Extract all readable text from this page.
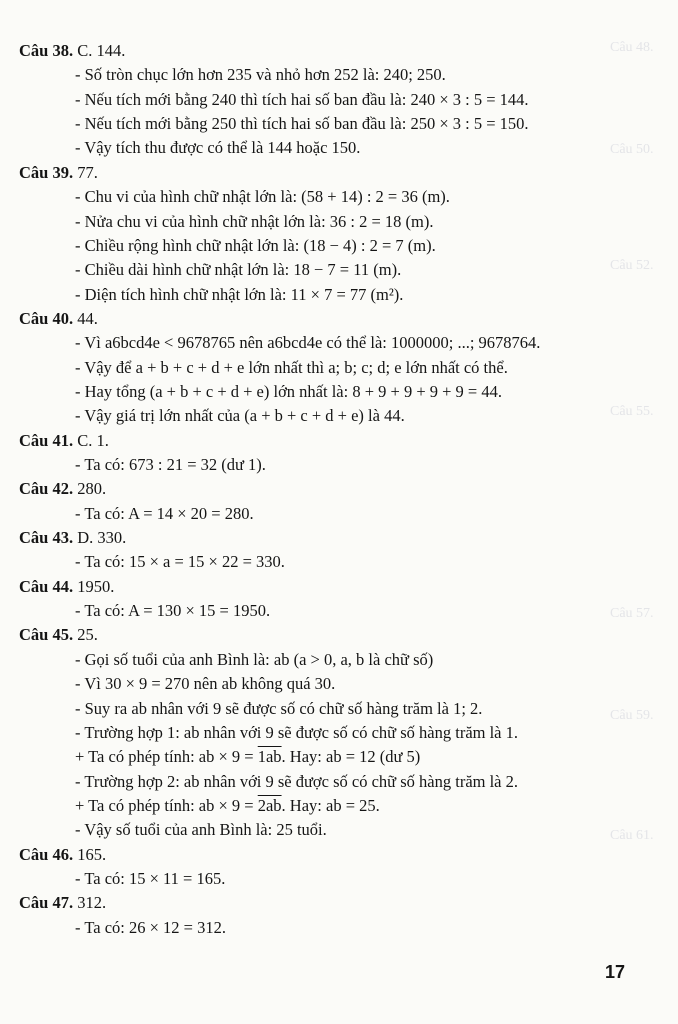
Câu 48.
Câu 50.
Câu 52.
Câu 55.
Câu 57.
Câu 59.
Câu 61.
Câu 38. C. 144.
- Số tròn chục lớn hơn 235 và nhỏ hơn 252 là: 240; 250.
- Nếu tích mới bằng 240 thì tích hai số ban đầu là: 240 × 3 : 5 = 144.
- Nếu tích mới bằng 250 thì tích hai số ban đầu là: 250 × 3 : 5 = 150.
- Vậy tích thu được có thể là 144 hoặc 150.
Câu 39. 77.
- Chu vi của hình chữ nhật lớn là: (58 + 14) : 2 = 36 (m).
- Nửa chu vi của hình chữ nhật lớn là: 36 : 2 = 18 (m).
- Chiều rộng hình chữ nhật lớn là: (18 − 4) : 2 = 7 (m).
- Chiều dài hình chữ nhật lớn là: 18 − 7 = 11 (m).
- Diện tích hình chữ nhật lớn là: 11 × 7 = 77 (m²).
Câu 40. 44.
- Vì a6bcd4e < 9678765 nên a6bcd4e có thể là: 1000000; ...; 9678764.
- Vậy để a + b + c + d + e lớn nhất thì a; b; c; d; e lớn nhất có thể.
- Hay tổng (a + b + c + d + e) lớn nhất là: 8 + 9 + 9 + 9 + 9 = 44.
- Vậy giá trị lớn nhất của (a + b + c + d + e) là 44.
Câu 41. C. 1.
- Ta có: 673 : 21 = 32 (dư 1).
Câu 42. 280.
- Ta có: A = 14 × 20 = 280.
Câu 43. D. 330.
- Ta có: 15 × a = 15 × 22 = 330.
Câu 44. 1950.
- Ta có: A = 130 × 15 = 1950.
Câu 45. 25.
- Gọi số tuổi của anh Bình là: ab (a > 0, a, b là chữ số)
- Vì 30 × 9 = 270 nên ab không quá 30.
- Suy ra ab nhân với 9 sẽ được số có chữ số hàng trăm là 1; 2.
- Trường hợp 1: ab nhân với 9 sẽ được số có chữ số hàng trăm là 1.
+ Ta có phép tính: ab × 9 = 1ab. Hay: ab = 12 (dư 5)
- Trường hợp 2: ab nhân với 9 sẽ được số có chữ số hàng trăm là 2.
+ Ta có phép tính: ab × 9 = 2ab. Hay: ab = 25.
- Vậy số tuổi của anh Bình là: 25 tuổi.
Câu 46. 165.
- Ta có: 15 × 11 = 165.
Câu 47. 312.
- Ta có: 26 × 12 = 312.
17
